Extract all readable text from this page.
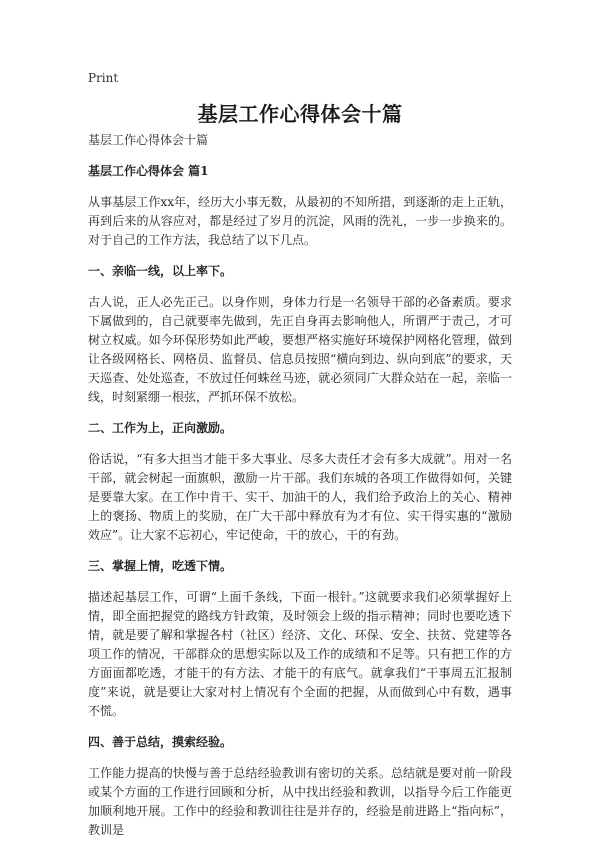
Print
基层工作心得体会十篇

基层工作心得体会十篇

基层工作心得体会 篇1

从事基层工作xx年，经历大小事无数，从最初的不知所措，到逐渐的走上正轨，再到后来的从容应对，都是经过了岁月的沉淀，风雨的洗礼，一步一步换来的。对于自己的工作方法，我总结了以下几点。

一、亲临一线，以上率下。

古人说，正人必先正己。以身作则，身体力行是一名领导干部的必备素质。要求下属做到的，自己就要率先做到，先正自身再去影响他人，所谓严于责己，才可树立权威。如今环保形势如此严峻，要想严格实施好环境保护网格化管理，做到让各级网格长、网格员、监督员、信息员按照“横向到边、纵向到底”的要求，天天巡查、处处巡查，不放过任何蛛丝马迹，就必须同广大群众站在一起，亲临一线，时刻紧绷一根弦，严抓环保不放松。

二、工作为上，正向激励。

俗话说，“有多大担当才能干多大事业、尽多大责任才会有多大成就”。用对一名干部，就会树起一面旗帜，激励一片干部。我们东城的各项工作做得如何，关键是要靠大家。在工作中肯干、实干、加油干的人，我们给予政治上的关心、精神上的褒扬、物质上的奖励，在广大干部中释放有为才有位、实干得实惠的“激励效应”。让大家不忘初心，牢记使命，干的放心，干的有劲。

三、掌握上情，吃透下情。

描述起基层工作，可谓“上面千条线，下面一根针。”这就要求我们必须掌握好上情，即全面把握党的路线方针政策，及时领会上级的指示精神；同时也要吃透下情，就是要了解和掌握各村（社区）经济、文化、环保、安全、扶贫、党建等各项工作的情况，干部群众的思想实际以及工作的成绩和不足等。只有把工作的方方面面都吃透，才能干的有方法、才能干的有底气。就拿我们“干事周五汇报制度”来说，就是要让大家对村上情况有个全面的把握，从而做到心中有数，遇事不慌。

四、善于总结，摸索经验。

工作能力提高的快慢与善于总结经验教训有密切的关系。总结就是要对前一阶段或某个方面的工作进行回顾和分析，从中找出经验和教训，以指导今后工作能更加顺利地开展。工作中的经验和教训往往是并存的，经验是前进路上“指向标”，教训是
